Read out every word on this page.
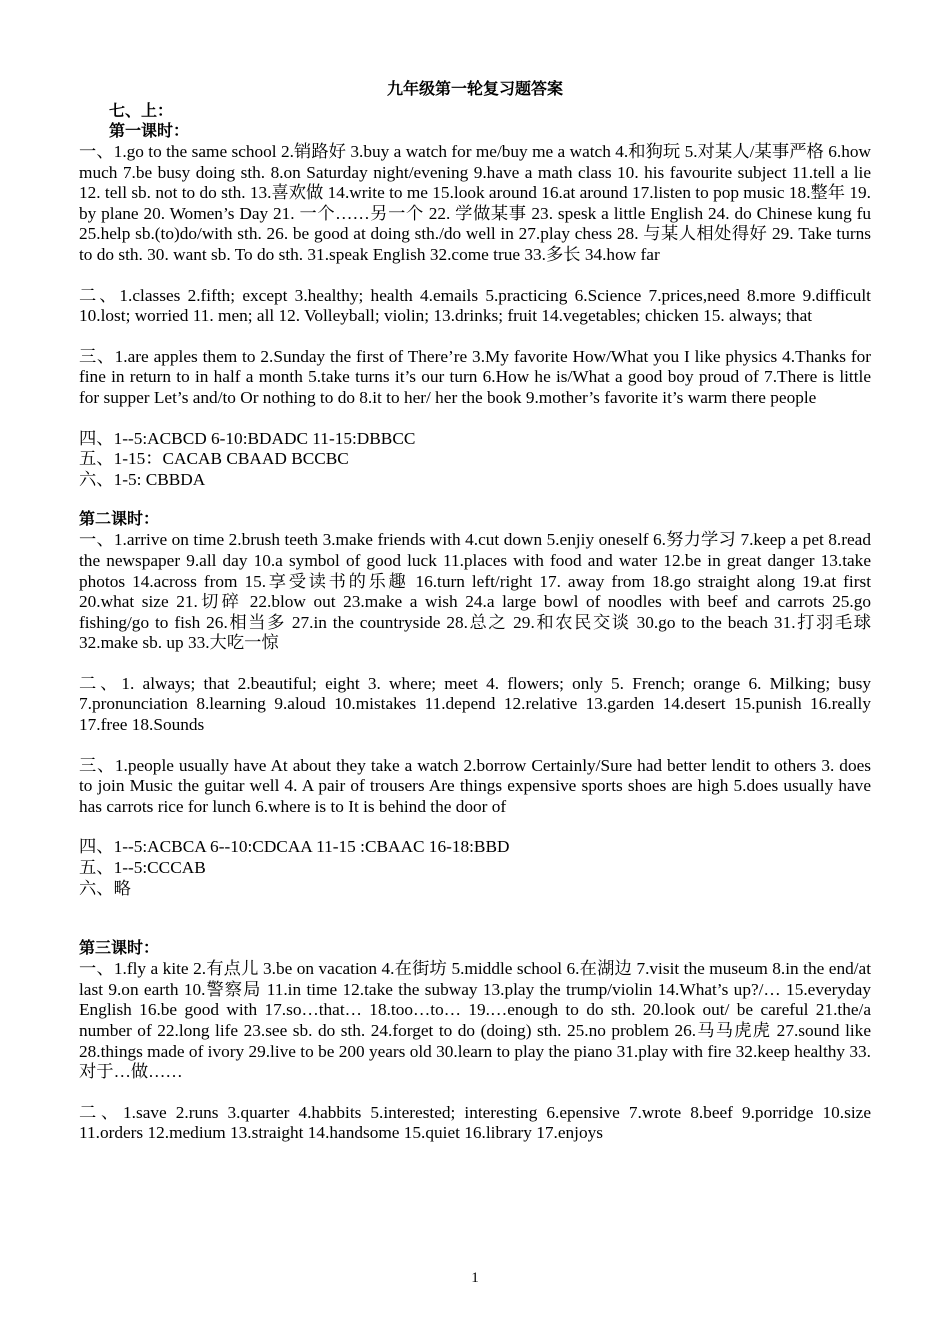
九年级第一轮复习题答案

七、上：

第一课时：

一、1.go to the same school 2.销路好 3.buy a watch for me/buy me a watch 4.和狗玩 5.对某人/某事严格 6.how much 7.be busy doing sth. 8.on Saturday night/evening 9.have a math class 10. his favourite subject 11.tell a lie 12. tell sb. not to do sth. 13.喜欢做 14.write to me 15.look around 16.at around 17.listen to pop music 18.整年 19. by plane 20. Women’s Day 21. 一个……另一个 22. 学做某事 23. spesk a little English 24. do Chinese kung fu 25.help sb.(to)do/with sth. 26. be good at doing sth./do well in 27.play chess 28. 与某人相处得好 29. Take turns to do sth. 30. want sb. To do sth. 31.speak English 32.come true 33.多长 34.how far

二、1.classes 2.fifth; except 3.healthy; health 4.emails 5.practicing 6.Science 7.prices,need 8.more 9.difficult 10.lost; worried 11. men; all 12. Volleyball; violin; 13.drinks; fruit 14.vegetables; chicken 15. always; that

三、1.are apples them to 2.Sunday the first of There’re 3.My favorite How/What you I like physics 4.Thanks for fine in return to in half a month 5.take turns it’s our turn 6.How he is/What a good boy proud of 7.There is little for supper Let’s and/to Or nothing to do 8.it to her/ her the book 9.mother’s favorite it’s warm there people

四、1--5:ACBCD 6-10:BDADC 11-15:DBBCC

五、1-15：CACAB CBAAD BCCBC

六、1-5: CBBDA

第二课时：

一、1.arrive on time 2.brush teeth 3.make friends with 4.cut down 5.enjiy oneself 6.努力学习 7.keep a pet 8.read the newspaper 9.all day 10.a symbol of good luck 11.places with food and water 12.be in great danger 13.take photos 14.across from 15.享受读书的乐趣 16.turn left/right 17. away from 18.go straight along 19.at first 20.what size 21.切碎 22.blow out 23.make a wish 24.a large bowl of noodles with beef and carrots 25.go fishing/go to fish 26.相当多 27.in the countryside 28.总之 29.和农民交谈 30.go to the beach 31.打羽毛球 32.make sb. up 33.大吃一惊

二、1. always; that 2.beautiful; eight 3. where; meet 4. flowers; only 5. French; orange 6. Milking; busy 7.pronunciation 8.learning 9.aloud 10.mistakes 11.depend 12.relative 13.garden 14.desert 15.punish 16.really 17.free 18.Sounds

三、1.people usually have At about they take a watch 2.borrow Certainly/Sure had better lendit to others 3. does to join Music the guitar well 4. A pair of trousers Are things expensive sports shoes are high 5.does usually have has carrots rice for lunch 6.where is to It is behind the door of

四、1--5:ACBCA 6--10:CDCAA 11-15 :CBAAC 16-18:BBD

五、1--5:CCCAB

六、略

第三课时：

一、1.fly a kite 2.有点儿 3.be on vacation 4.在街坊 5.middle school 6.在湖边 7.visit the museum 8.in the end/at last 9.on earth 10.警察局 11.in time 12.take the subway 13.play the trump/violin 14.What’s up?/… 15.everyday English 16.be good with 17.so…that… 18.too…to… 19.…enough to do sth. 20.look out/ be careful 21.the/a number of 22.long life 23.see sb. do sth. 24.forget to do (doing) sth. 25.no problem 26.马马虎虎 27.sound like 28.things made of ivory 29.live to be 200 years old 30.learn to play the piano 31.play with fire 32.keep healthy 33.对于…做……

二、1.save 2.runs 3.quarter 4.habbits 5.interested; interesting 6.epensive 7.wrote 8.beef 9.porridge 10.size 11.orders 12.medium 13.straight 14.handsome 15.quiet 16.library 17.enjoys

1
